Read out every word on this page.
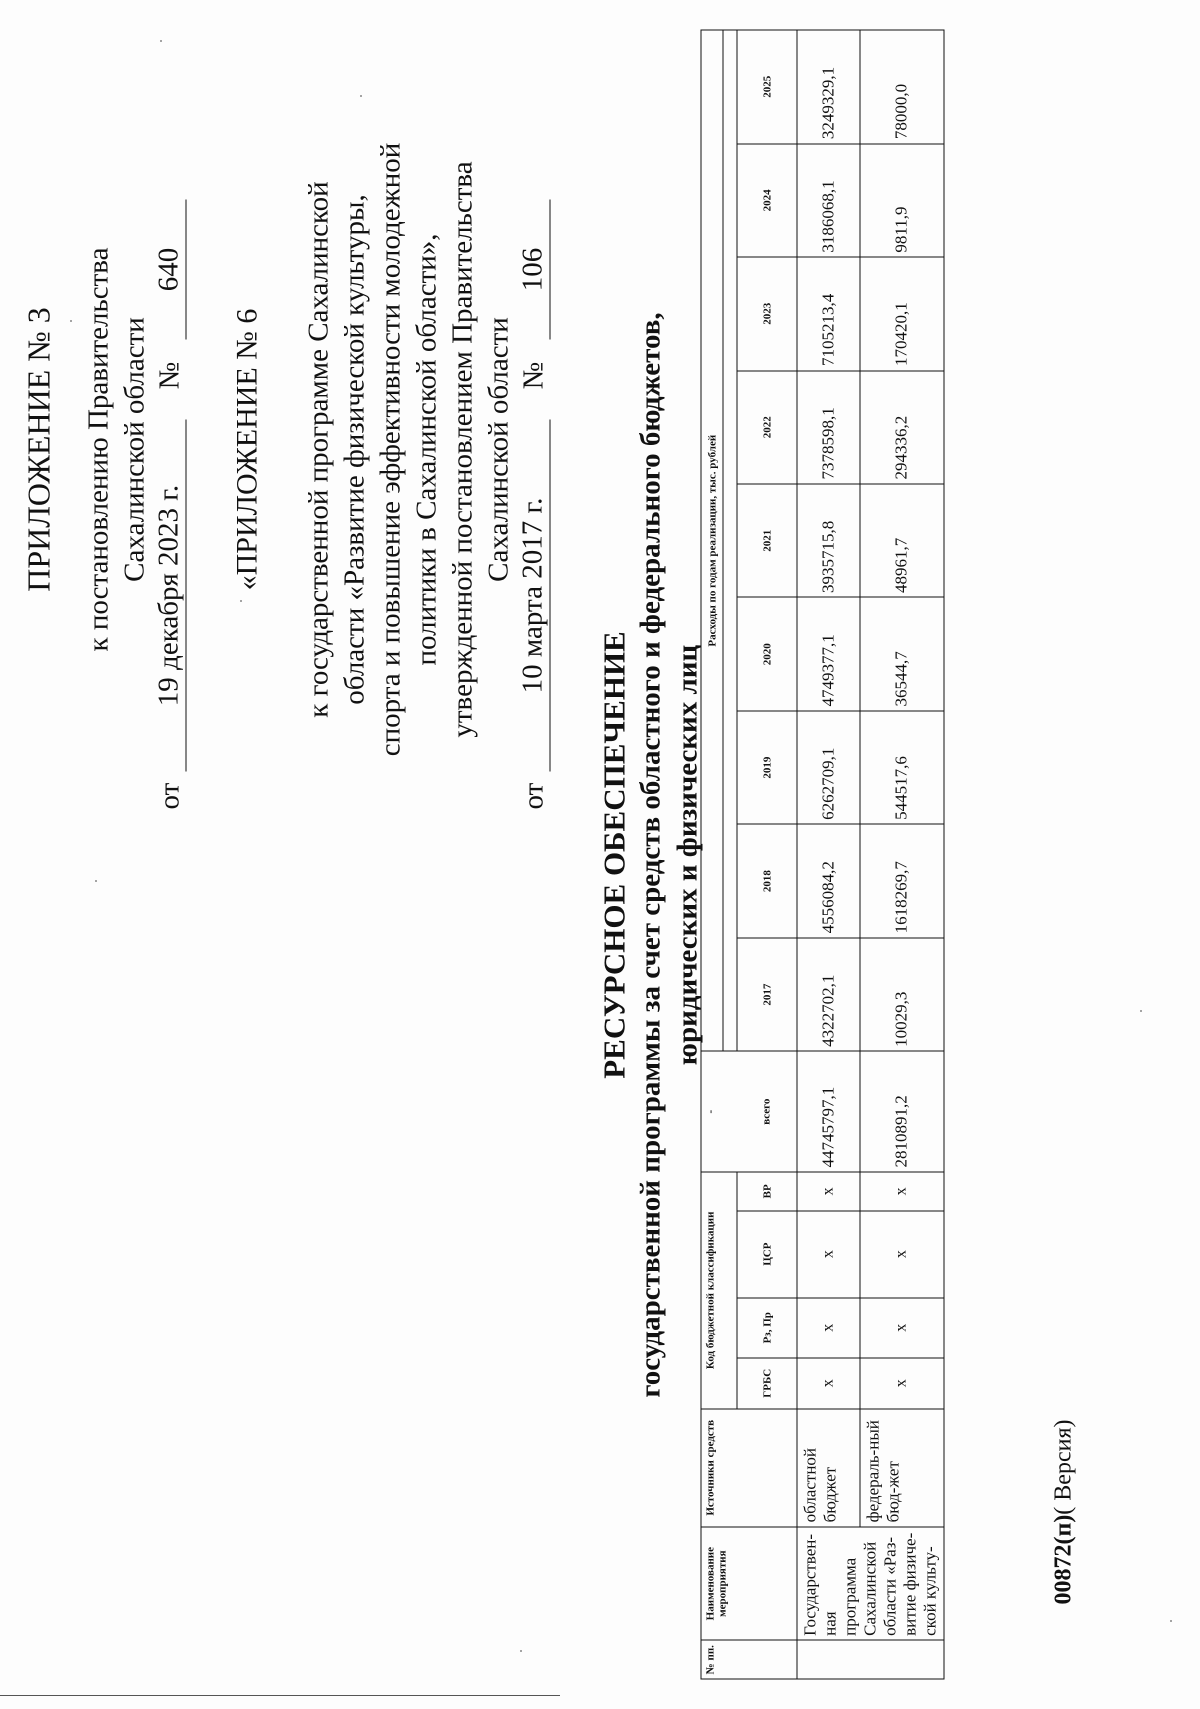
ПРИЛОЖЕНИЕ № 3 к постановлению Правительства Сахалинской области
от
19 декабря 2023 г.
№
640
«ПРИЛОЖЕНИЕ № 6 к государственной программе Сахалинской области «Развитие физической культуры, спорта и повышение эффективности молодежной политики в Сахалинской области», утвержденной постановлением Правительства Сахалинской области
от
10 марта 2017 г.
№
106
РЕСУРСНОЕ ОБЕСПЕЧЕНИЕ государственной программы за счет средств областного и федерального бюджетов, юридических и физических лиц
№ пп.	Наименование мероприятия	Источники средств	Код бюджетной классификации				-	Расходы по годам реализации, тыс. рублей								

			ГРБС	Рз, Пр	ЦСР	ВР	всего	2017	2018	2019	2020	2021	2022	2023	2024	2025
	Государствен-ная программа Сахалинской области «Раз-витие физиче-ской культу-	областной бюджет	х	х	х	х	44745797,1	4322702,1	4556084,2	6262709,1	4749377,1	3935715,8	7378598,1	7105213,4	3186068,1	3249329,1
		федераль-ный бюд-жет	х	х	х	х	2810891,2	10029,3	1618269,7	544517,6	36544,7	48961,7	294336,2	170420,1	9811,9	78000,0
00872(п)( Версия)
